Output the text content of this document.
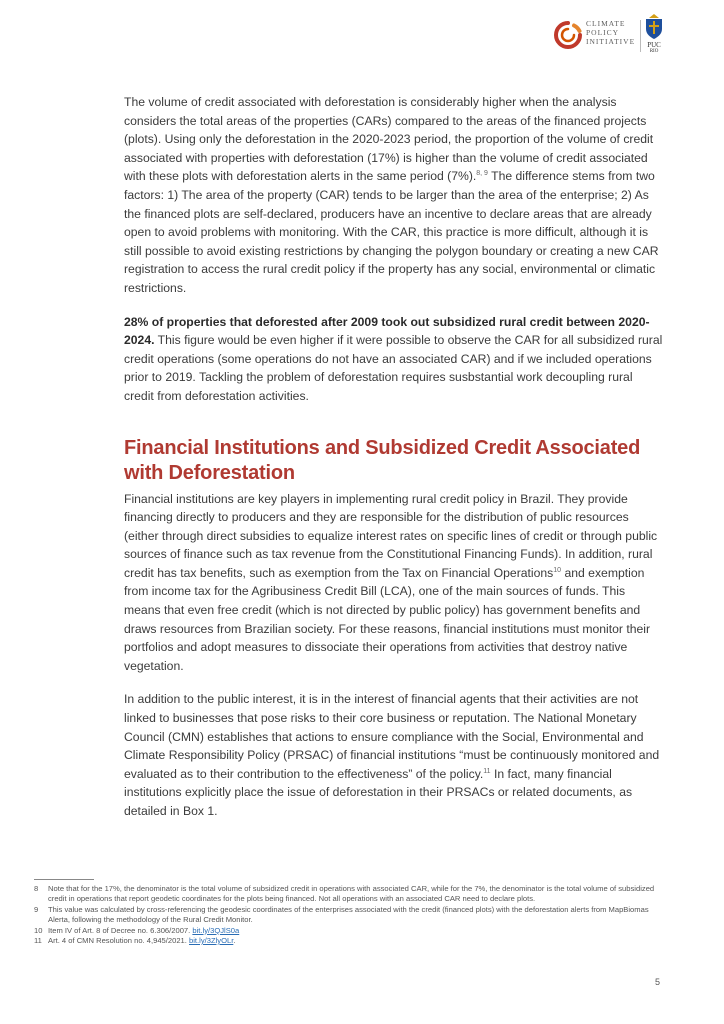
CLIMATE
POLICY
INITIATIVE	PUC
RIO

The volume of credit associated with deforestation is considerably higher when the analysis considers the total areas of the properties (CARs) compared to the areas of the financed projects (plots). Using only the deforestation in the 2020-2023 period, the proportion of the volume of credit associated with properties with deforestation (17%) is higher than the volume of credit associated with these plots with deforestation alerts in the same period (7%).$^{8, 9}$ The difference stems from two factors: 1) The area of the property (CAR) tends to be larger than the area of the enterprise; 2) As the financed plots are self-declared, producers have an incentive to declare areas that are already open to avoid problems with monitoring. With the CAR, this practice is more difficult, although it is still possible to avoid existing restrictions by changing the polygon boundary or creating a new CAR registration to access the rural credit policy if the property has any social, environmental or climatic restrictions.

28% of properties that deforested after 2009 took out subsidized rural credit between 2020-2024. This figure would be even higher if it were possible to observe the CAR for all subsidized rural credit operations (some operations do not have an associated CAR) and if we included operations prior to 2019. Tackling the problem of deforestation requires susbstantial work decoupling rural credit from deforestation activities.

Financial Institutions and Subsidized Credit Associated with Deforestation

Financial institutions are key players in implementing rural credit policy in Brazil. They provide financing directly to producers and they are responsible for the distribution of public resources (either through direct subsidies to equalize interest rates on specific lines of credit or through public sources of finance such as tax revenue from the Constitutional Financing Funds). In addition, rural credit has tax benefits, such as exemption from the Tax on Financial Operations$^{10}$ and exemption from income tax for the Agribusiness Credit Bill (LCA), one of the main sources of funds. This means that even free credit (which is not directed by public policy) has government benefits and draws resources from Brazilian society. For these reasons, financial institutions must monitor their portfolios and adopt measures to dissociate their operations from activities that destroy native vegetation.

In addition to the public interest, it is in the interest of financial agents that their activities are not linked to businesses that pose risks to their core business or reputation. The National Monetary Council (CMN) establishes that actions to ensure compliance with the Social, Environmental and Climate Responsibility Policy (PRSAC) of financial institutions “must be continuously monitored and evaluated as to their contribution to the effectiveness” of the policy.$^{11}$ In fact, many financial institutions explicitly place the issue of deforestation in their PRSACs or related documents, as detailed in Box 1.

8 Note that for the 17%, the denominator is the total volume of subsidized credit in operations with associated CAR, while for the 7%, the denominator is the total volume of subsidized credit in operations that report geodetic coordinates for the plots being financed. Not all operations with an associated CAR need to declare plots.

9 This value was calculated by cross-referencing the geodesic coordinates of the enterprises associated with the credit (financed plots) with the deforestation alerts from MapBiomas Alerta, following the methodology of the Rural Credit Monitor.

10 Item IV of Art. 8 of Decree no. 6.306/2007. bit.ly/3QJlS0a

11 Art. 4 of CMN Resolution no. 4,945/2021. bit.ly/3ZlyOLr.

5
